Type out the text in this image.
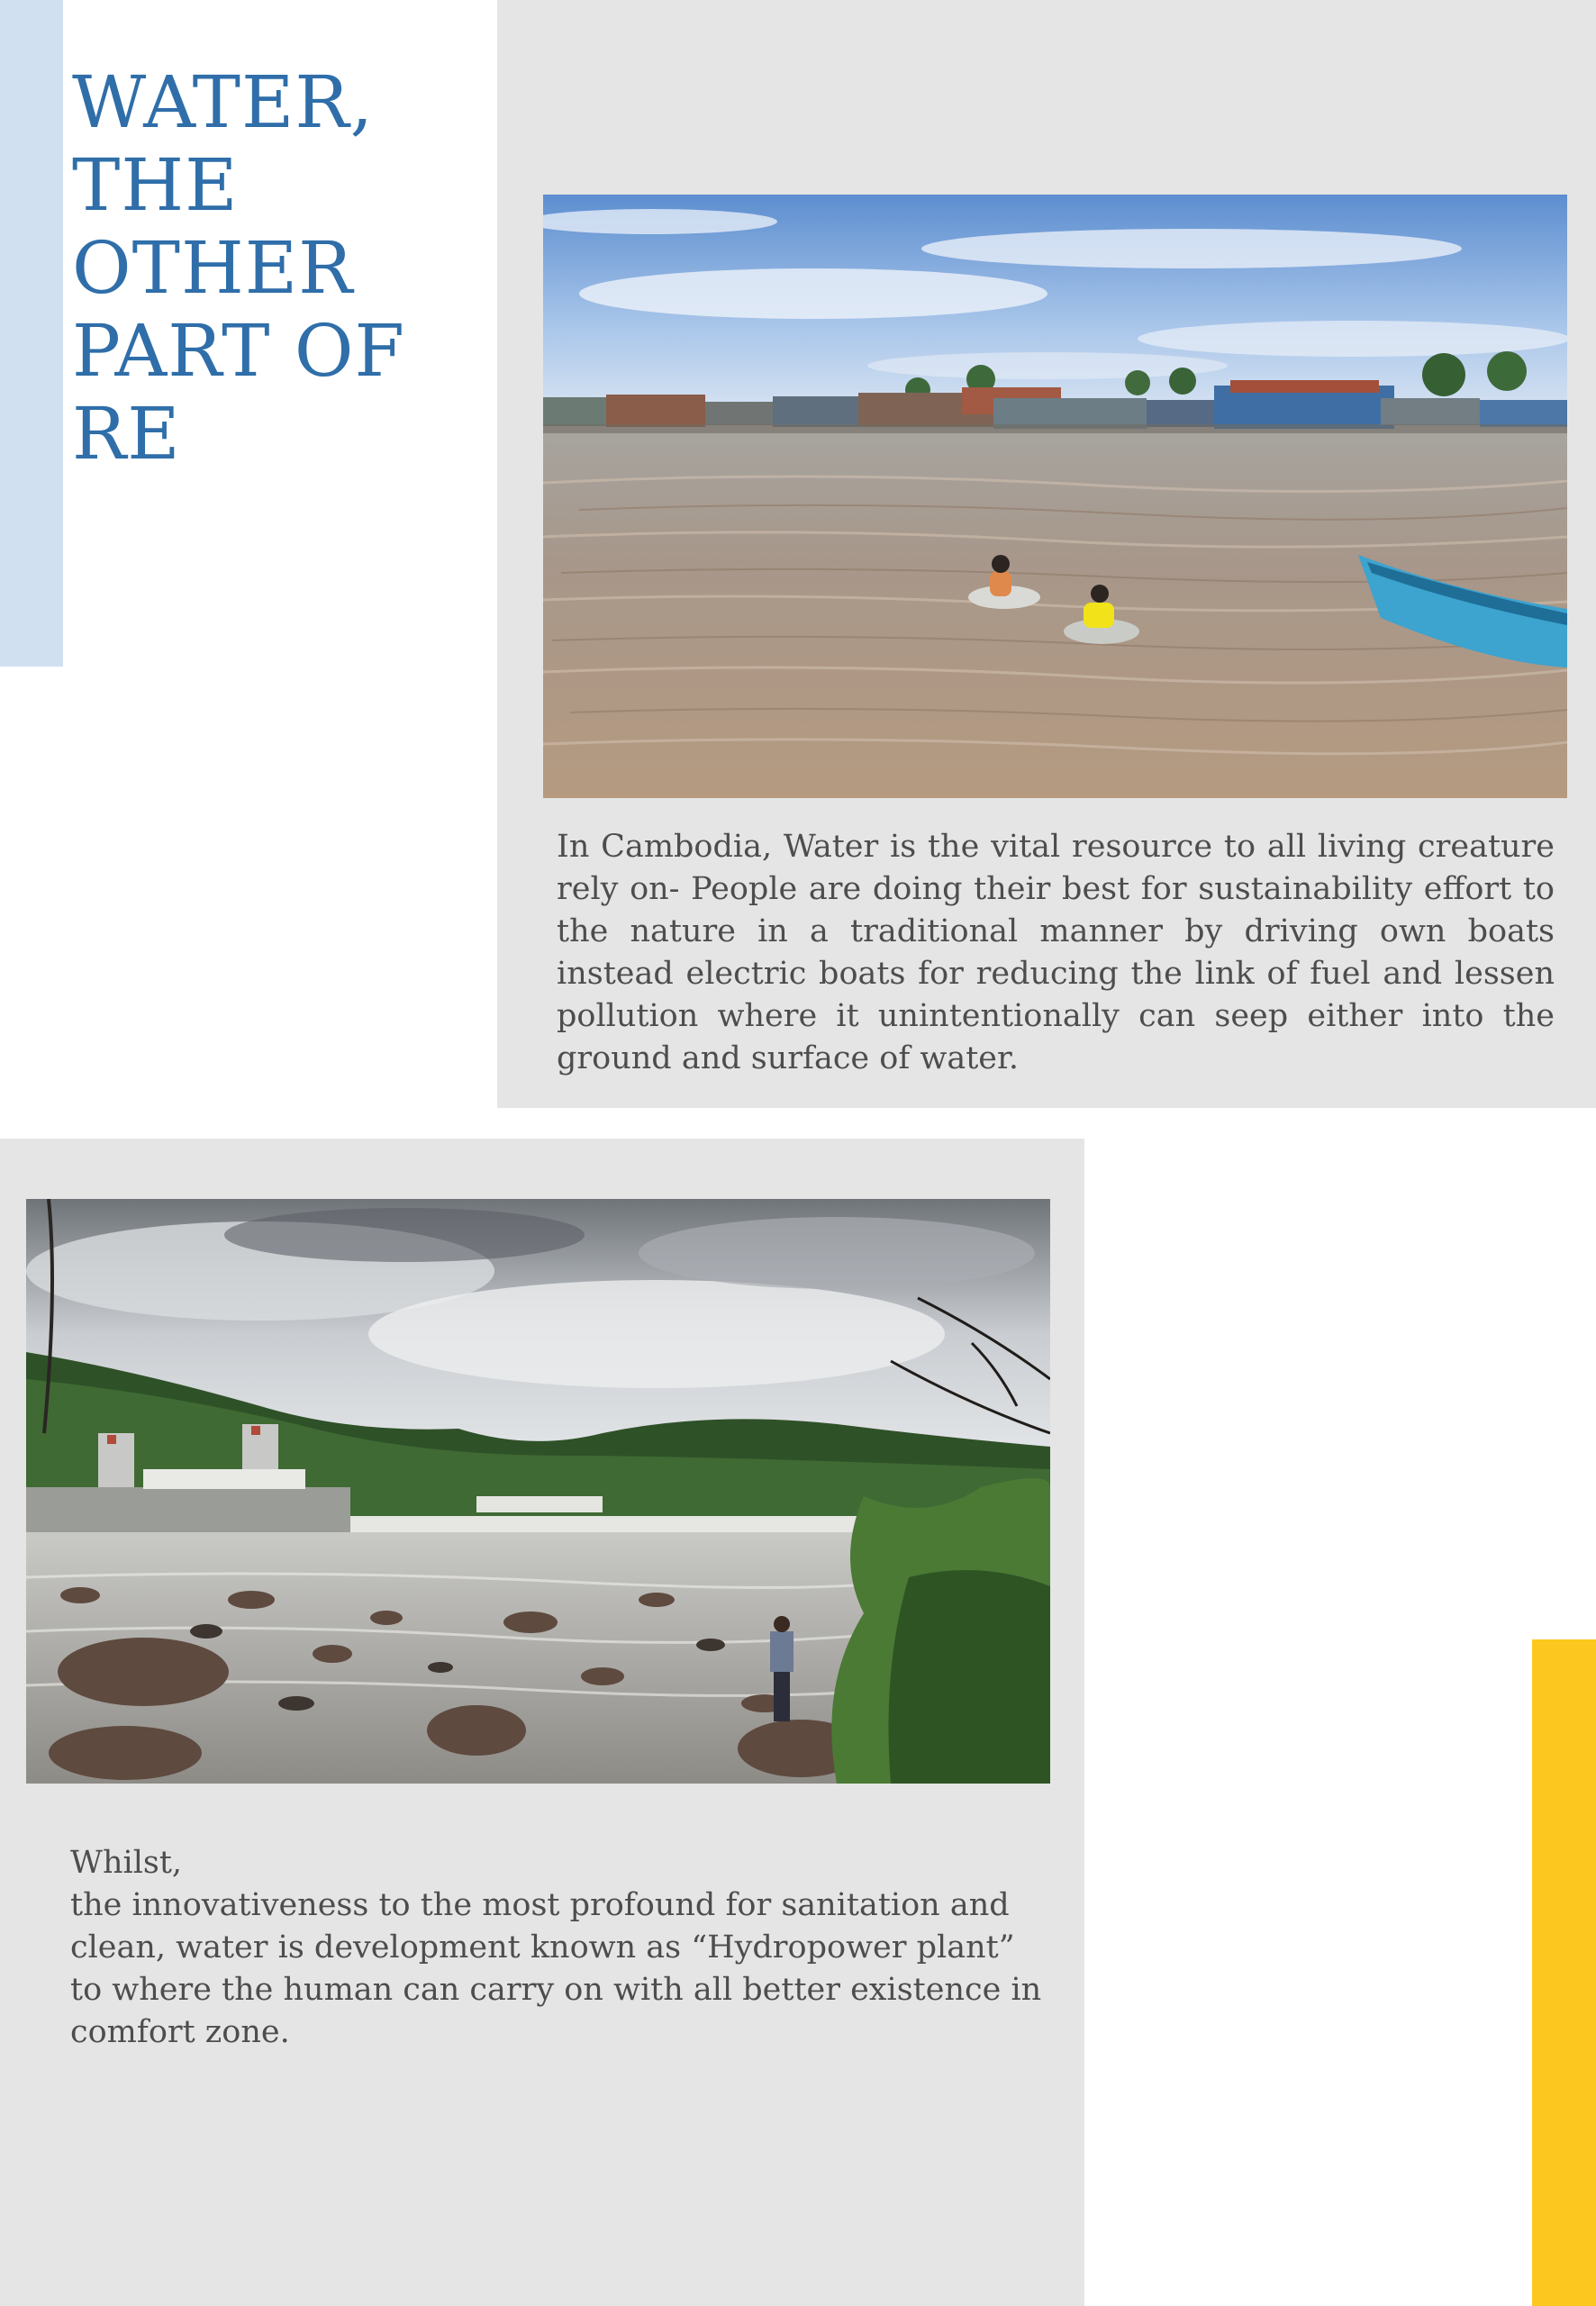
WATER, THE OTHER PART OF RE

In Cambodia, Water is the vital resource to all living creature rely on- People are doing their best for sustainability effort to the nature in a traditional manner by driving own boats instead electric boats for reducing the link of fuel and lessen pollution where it unintentionally can seep either into the ground and surface of water.

Whilst,
the innovativeness to the most profound for sanitation and clean, water is development known as “Hydropower plant” to where the human can carry on with all better existence in comfort zone.
